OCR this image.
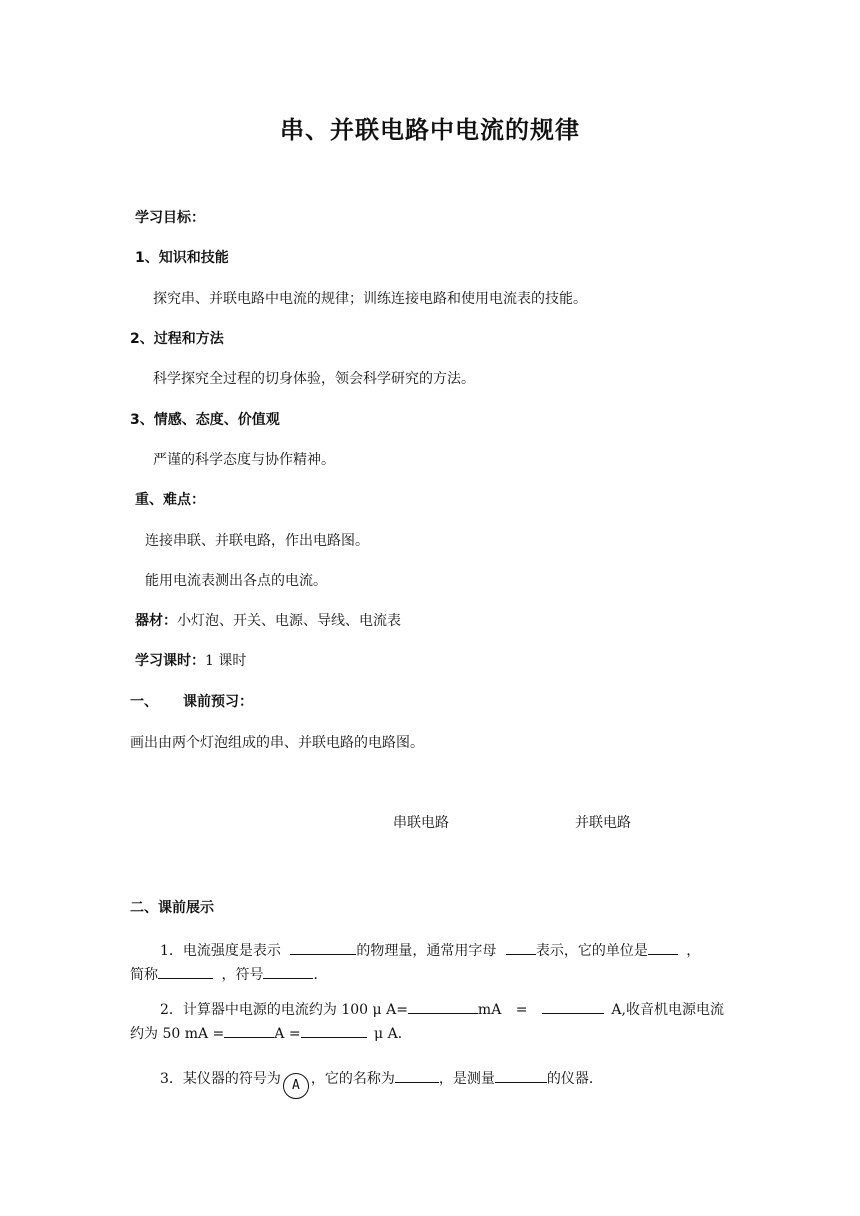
串、并联电路中电流的规律
学习目标：
1、知识和技能
探究串、并联电路中电流的规律；训练连接电路和使用电流表的技能。
2、过程和方法
科学探究全过程的切身体验，领会科学研究的方法。
3、情感、态度、价值观
严谨的科学态度与协作精神。
重、难点：
连接串联、并联电路，作出电路图。
能用电流表测出各点的电流。
器材：小灯泡、开关、电源、导线、电流表
学习课时：1 课时
一、 课前预习：
画出由两个灯泡组成的串、并联电路的电路图。
串联电路	并联电路
二、课前展示
1．电流强度是表示	的物理量，通常用字母	表示，它的单位是	，
简称	，符号	．
2．计算器中电源的电流约为 100 μ A=	mA =	A,收音机电源电流
约为 50 mA =	A =	μ A．
3．某仪器的符号为 A ，它的名称为	，是测量	的仪器．
